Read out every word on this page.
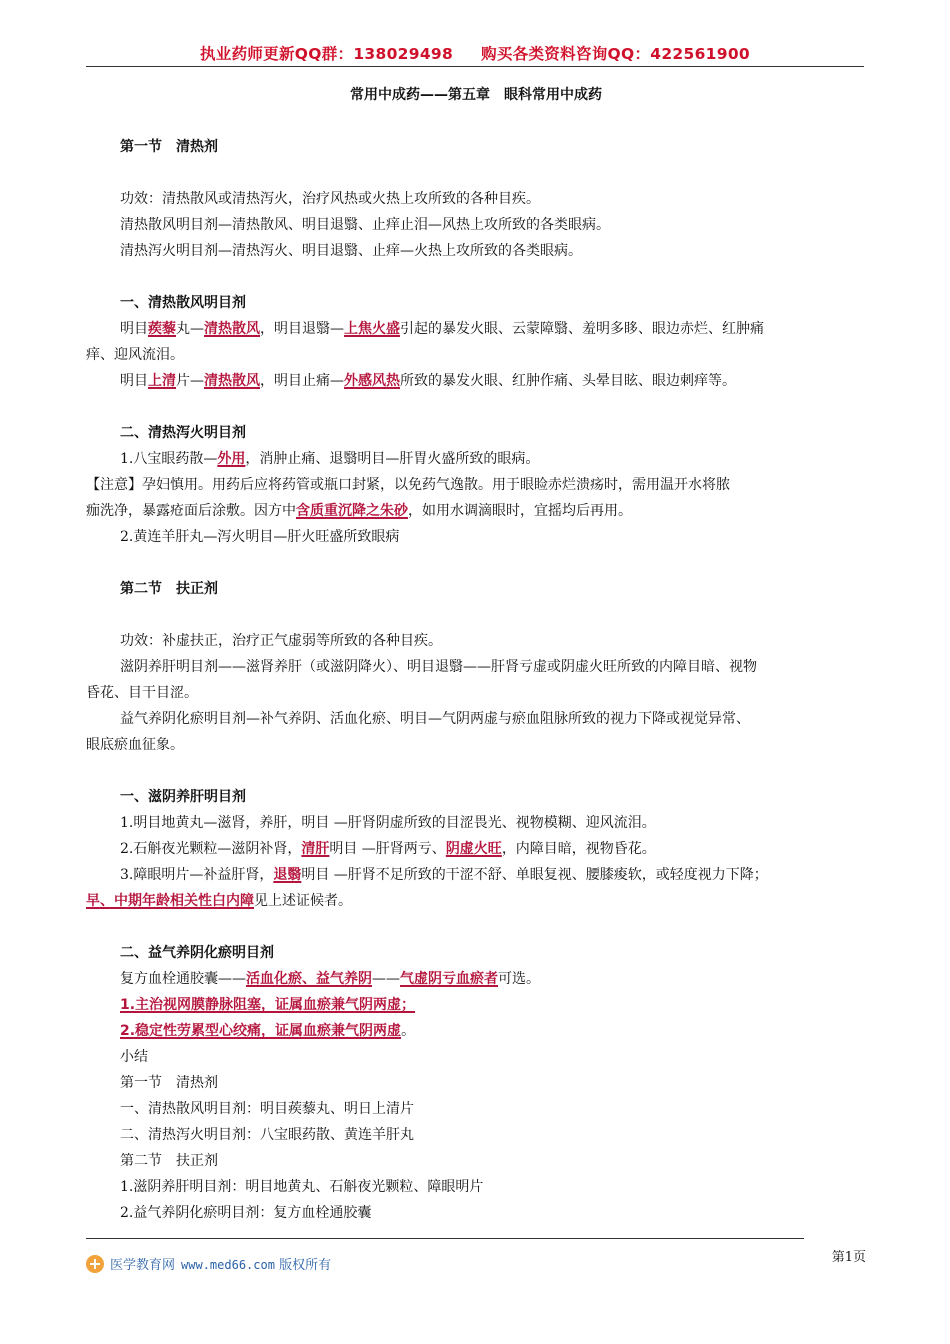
执业药师更新QQ群：138029498 购买各类资料咨询QQ：422561900
常用中成药——第五章　眼科常用中成药
第一节　清热剂
功效：清热散风或清热泻火，治疗风热或火热上攻所致的各种目疾。
清热散风明目剂—清热散风、明目退翳、止痒止泪—风热上攻所致的各类眼病。
清热泻火明目剂—清热泻火、明目退翳、止痒—火热上攻所致的各类眼病。
一、清热散风明目剂
明目蒺藜丸—清热散风，明目退翳—上焦火盛引起的暴发火眼、云蒙障翳、羞明多眵、眼边赤烂、红肿痛
痒、迎风流泪。
明目上清片—清热散风，明目止痛—外感风热所致的暴发火眼、红肿作痛、头晕目眩、眼边刺痒等。
二、清热泻火明目剂
1.八宝眼药散—外用，消肿止痛、退翳明目—肝胃火盛所致的眼病。
【注意】孕妇慎用。用药后应将药管或瓶口封紧，以免药气逸散。用于眼睑赤烂溃疡时，需用温开水将脓
痂洗净，暴露疮面后涂敷。因方中含质重沉降之朱砂，如用水调滴眼时，宜摇均后再用。
2.黄连羊肝丸—泻火明目—肝火旺盛所致眼病
第二节　扶正剂
功效：补虚扶正，治疗正气虚弱等所致的各种目疾。
滋阴养肝明目剂——滋肾养肝（或滋阴降火）、明目退翳——肝肾亏虚或阴虚火旺所致的内障目暗、视物
昏花、目干目涩。
益气养阴化瘀明目剂—补气养阴、活血化瘀、明目—气阴两虚与瘀血阻脉所致的视力下降或视觉异常、
眼底瘀血征象。
一、滋阴养肝明目剂
1.明目地黄丸—滋肾，养肝，明目 —肝肾阴虚所致的目涩畏光、视物模糊、迎风流泪。
2.石斛夜光颗粒—滋阴补肾，清肝明目 —肝肾两亏、阴虚火旺，内障目暗，视物昏花。
3.障眼明片—补益肝肾，退翳明目 —肝肾不足所致的干涩不舒、单眼复视、腰膝痠软，或轻度视力下降；
早、中期年龄相关性白内障见上述证候者。
二、益气养阴化瘀明目剂
复方血栓通胶囊——活血化瘀、益气养阴——气虚阴亏血瘀者可选。
1.主治视网膜静脉阻塞，证属血瘀兼气阴两虚；
2.稳定性劳累型心绞痛，证属血瘀兼气阴两虚。
小结
第一节　清热剂
一、清热散风明目剂：明目蒺藜丸、明日上清片
二、清热泻火明目剂：八宝眼药散、黄连羊肝丸
第二节　扶正剂
1.滋阴养肝明目剂：明目地黄丸、石斛夜光颗粒、障眼明片
2.益气养阴化瘀明目剂：复方血栓通胶囊
医学教育网 www.med66.com 版权所有
第1页
